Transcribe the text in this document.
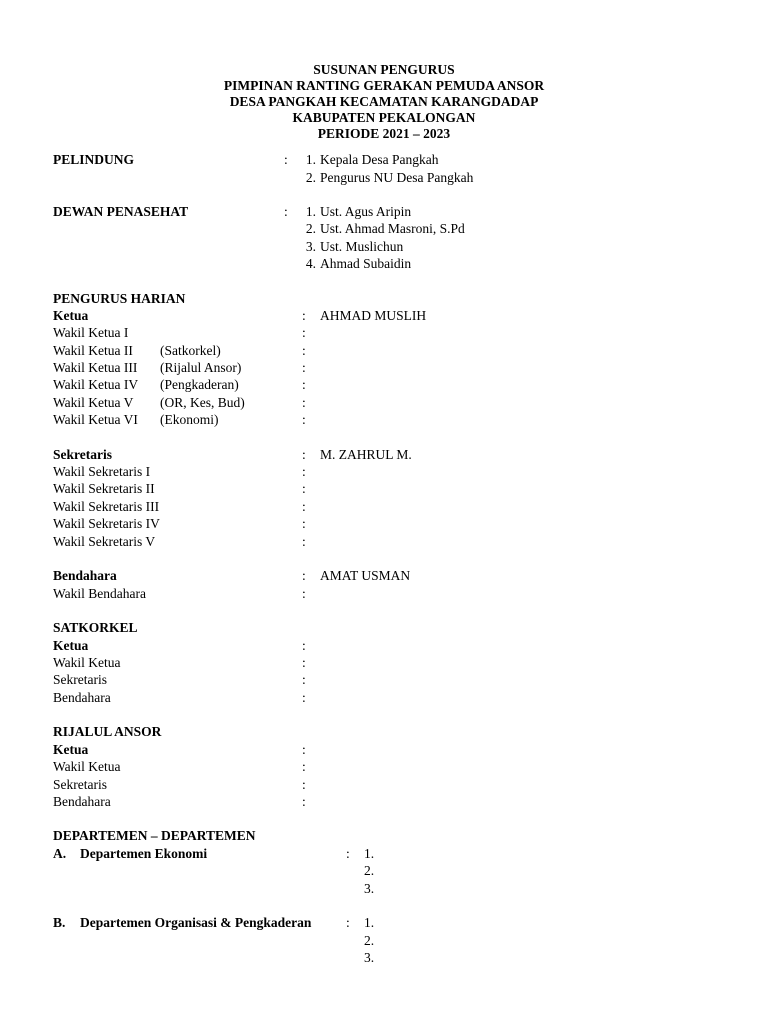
SUSUNAN PENGURUS
PIMPINAN RANTING GERAKAN PEMUDA ANSOR
DESA PANGKAH KECAMATAN KARANGDADAP
KABUPATEN PEKALONGAN
PERIODE 2021 – 2023
PELINDUNG	: 1. Kepala Desa Pangkah
2. Pengurus NU Desa Pangkah
DEWAN PENASEHAT	: 1. Ust. Agus Aripin
2. Ust. Ahmad Masroni, S.Pd
3. Ust. Muslichun
4. Ahmad Subaidin
PENGURUS HARIAN
Ketua	: AHMAD MUSLIH
Wakil Ketua I	:
Wakil Ketua II (Satkorkel)	:
Wakil Ketua III (Rijalul Ansor)	:
Wakil Ketua IV (Pengkaderan)	:
Wakil Ketua V (OR, Kes, Bud)	:
Wakil Ketua VI (Ekonomi)	:
Sekretaris	: M. ZAHRUL M.
Wakil Sekretaris I	:
Wakil Sekretaris II	:
Wakil Sekretaris III	:
Wakil Sekretaris IV	:
Wakil Sekretaris V	:
Bendahara	: AMAT USMAN
Wakil Bendahara	:
SATKORKEL
Ketua	:
Wakil Ketua	:
Sekretaris	:
Bendahara	:
RIJALUL ANSOR
Ketua	:
Wakil Ketua	:
Sekretaris	:
Bendahara	:
DEPARTEMEN – DEPARTEMEN
A. Departemen Ekonomi	: 1.
2.
3.
B. Departemen Organisasi & Pengkaderan	: 1.
2.
3.
